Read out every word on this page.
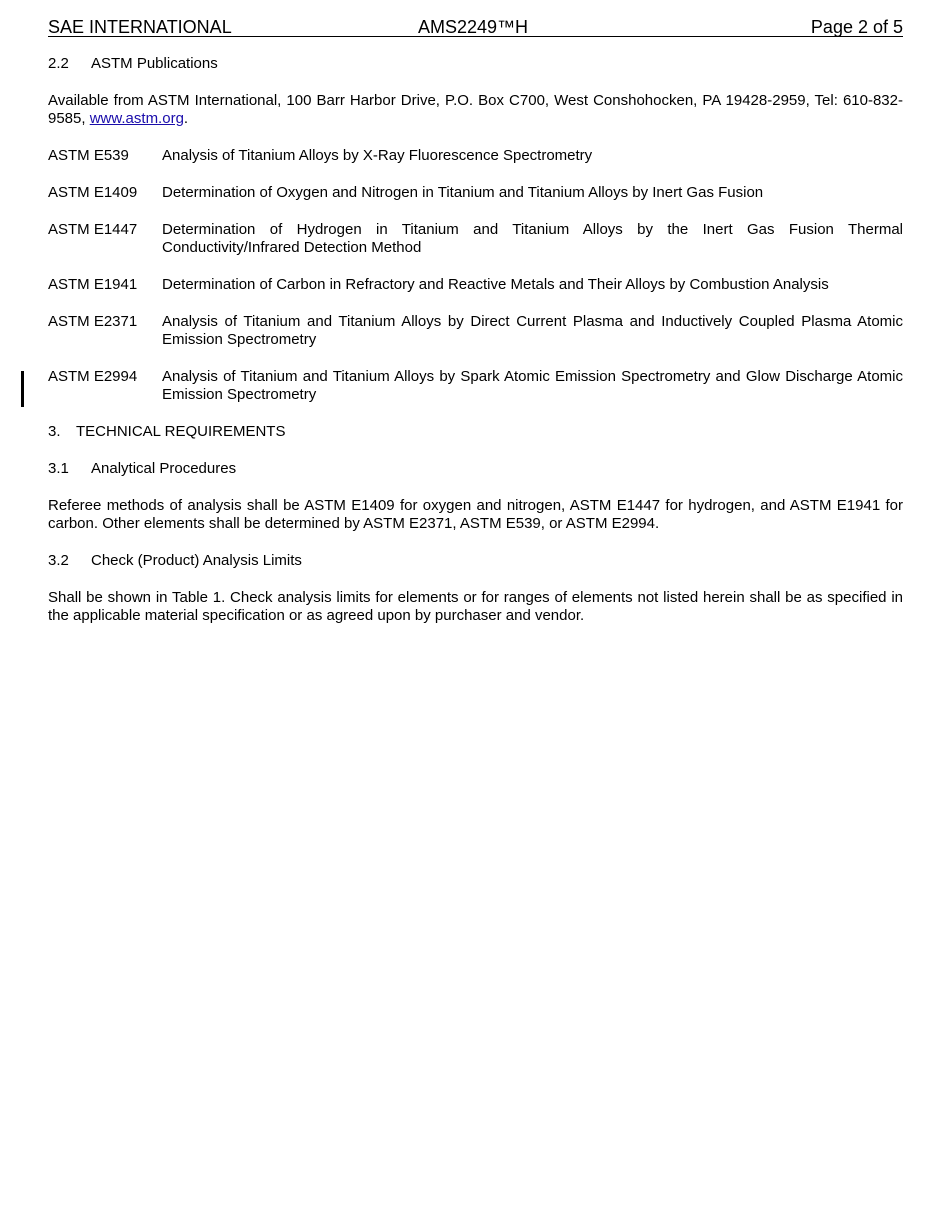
SAE INTERNATIONAL	AMS2249™H	Page 2 of 5
2.2	ASTM Publications
Available from ASTM International, 100 Barr Harbor Drive, P.O. Box C700, West Conshohocken, PA 19428-2959, Tel: 610-832-9585, www.astm.org.
ASTM E539	Analysis of Titanium Alloys by X-Ray Fluorescence Spectrometry
ASTM E1409	Determination of Oxygen and Nitrogen in Titanium and Titanium Alloys by Inert Gas Fusion
ASTM E1447	Determination of Hydrogen in Titanium and Titanium Alloys by the Inert Gas Fusion Thermal Conductivity/Infrared Detection Method
ASTM E1941	Determination of Carbon in Refractory and Reactive Metals and Their Alloys by Combustion Analysis
ASTM E2371	Analysis of Titanium and Titanium Alloys by Direct Current Plasma and Inductively Coupled Plasma Atomic Emission Spectrometry
ASTM E2994	Analysis of Titanium and Titanium Alloys by Spark Atomic Emission Spectrometry and Glow Discharge Atomic Emission Spectrometry
3.	TECHNICAL REQUIREMENTS
3.1	Analytical Procedures
Referee methods of analysis shall be ASTM E1409 for oxygen and nitrogen, ASTM E1447 for hydrogen, and ASTM E1941 for carbon. Other elements shall be determined by ASTM E2371, ASTM E539, or ASTM E2994.
3.2	Check (Product) Analysis Limits
Shall be shown in Table 1. Check analysis limits for elements or for ranges of elements not listed herein shall be as specified in the applicable material specification or as agreed upon by purchaser and vendor.
